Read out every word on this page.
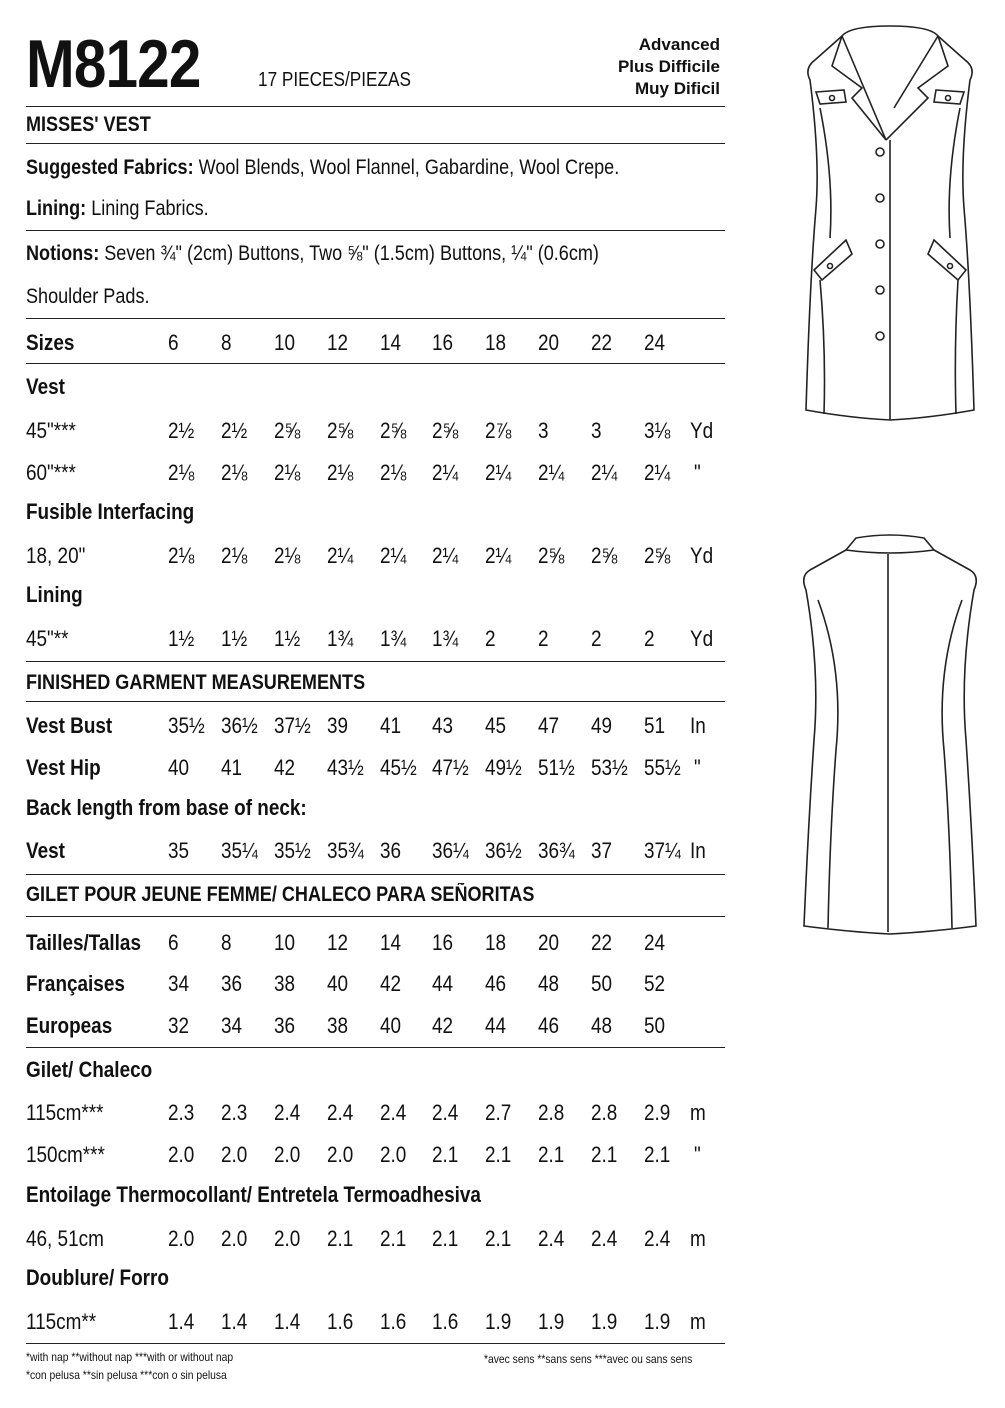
M8122	17 PIECES/PIEZAS
Advanced
Plus Difficile
Muy Dificil
MISSES' VEST
Suggested Fabrics: Wool Blends, Wool Flannel, Gabardine, Wool Crepe.
Lining: Lining Fabrics.
Notions: Seven ¾" (2cm) Buttons, Two ⅝" (1.5cm) Buttons, ¼" (0.6cm)
Shoulder Pads.
Sizes	6 8 10 12 14 16 18 20 22 24
Vest
45"***	2½ 2½ 2⅝ 2⅝ 2⅝ 2⅝ 2⅞ 3 3 3⅛ Yd
60"***	2⅛ 2⅛ 2⅛ 2⅛ 2⅛ 2¼ 2¼ 2¼ 2¼ 2¼ "
Fusible Interfacing
18, 20"	2⅛ 2⅛ 2⅛ 2¼ 2¼ 2¼ 2¼ 2⅝ 2⅝ 2⅝ Yd
Lining
45"**	1½ 1½ 1½ 1¾ 1¾ 1¾ 2 2 2 2 Yd
FINISHED GARMENT MEASUREMENTS
Vest Bust	35½ 36½ 37½ 39 41 43 45 47 49 51 In
Vest Hip	40 41 42 43½ 45½ 47½ 49½ 51½ 53½ 55½ "
Back length from base of neck:
Vest	35 35¼ 35½ 35¾ 36 36¼ 36½ 36¾ 37 37¼ In
GILET POUR JEUNE FEMME/ CHALECO PARA SEÑORITAS
Tailles/Tallas 6 8 10 12 14 16 18 20 22 24
Françaises 34 36 38 40 42 44 46 48 50 52
Europeas	32 34 36 38 40 42 44 46 48 50
Gilet/ Chaleco
115cm***	2.3 2.3 2.4 2.4 2.4 2.4 2.7 2.8 2.8 2.9 m
150cm***	2.0 2.0 2.0 2.0 2.0 2.1 2.1 2.1 2.1 2.1 "
Entoilage Thermocollant/ Entretela Termoadhesiva
46, 51cm	2.0 2.0 2.0 2.1 2.1 2.1 2.1 2.4 2.4 2.4 m
Doublure/ Forro
115cm**	1.4 1.4 1.4 1.6 1.6 1.6 1.9 1.9 1.9 1.9 m
*with nap **without nap ***with or without nap
*con pelusa **sin pelusa ***con o sin pelusa
*avec sens **sans sens ***avec ou sans sens
